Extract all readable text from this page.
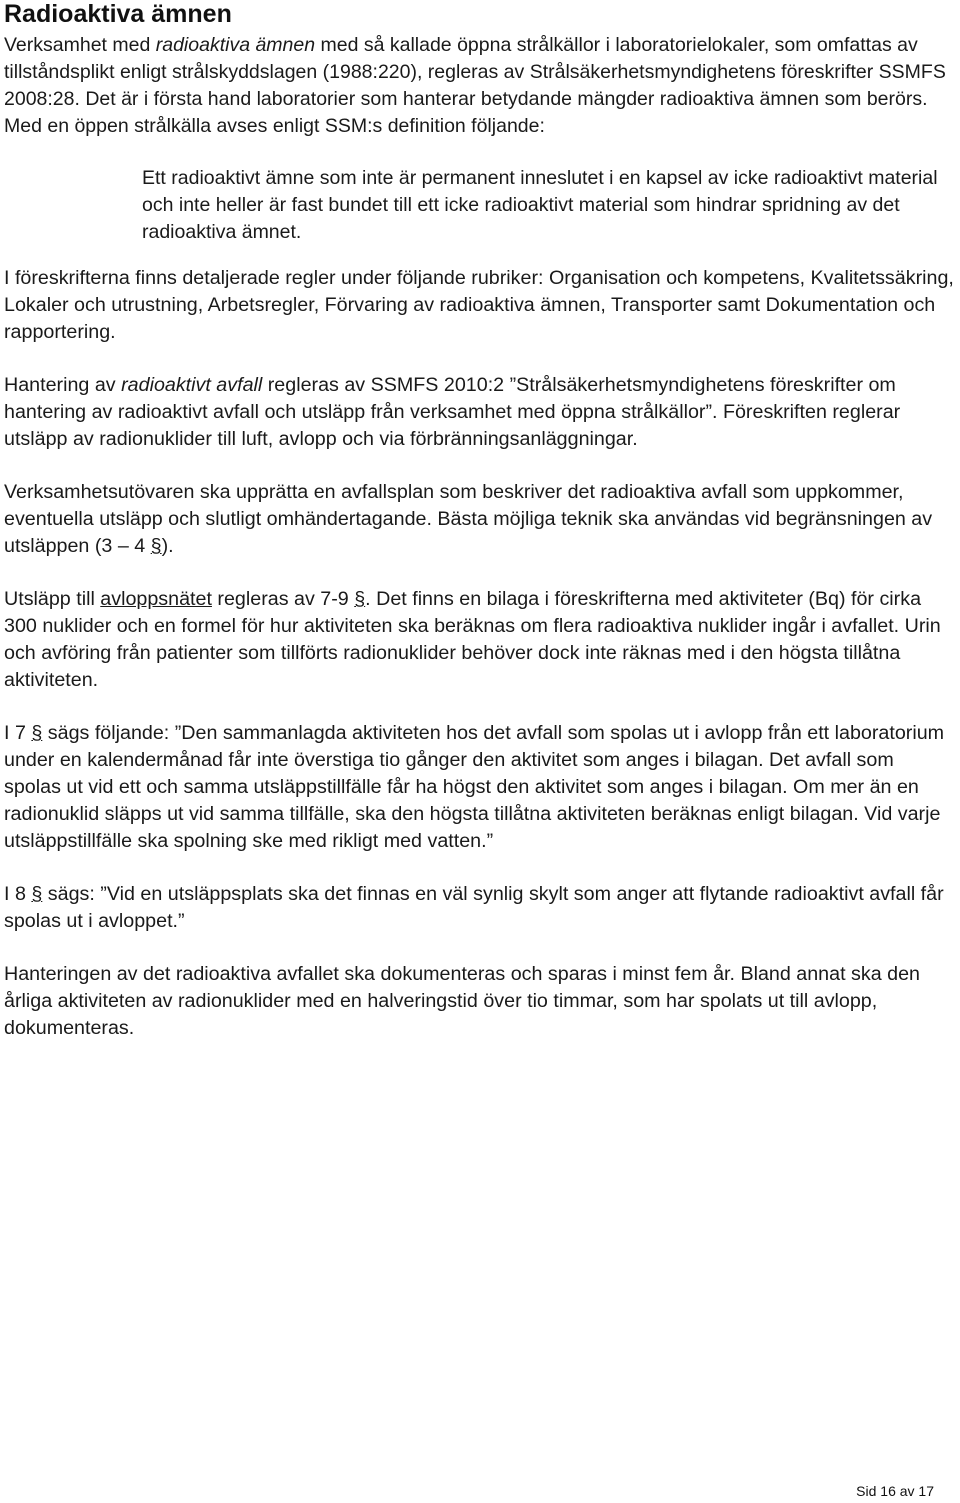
Radioaktiva ämnen
Verksamhet med radioaktiva ämnen med så kallade öppna strålkällor i laboratorielokaler, som omfattas av tillståndsplikt enligt strålskyddslagen (1988:220), regleras av Strålsäkerhetsmyndighetens föreskrifter SSMFS 2008:28. Det är i första hand laboratorier som hanterar betydande mängder radioaktiva ämnen som berörs. Med en öppen strålkälla avses enligt SSM:s definition följande:
Ett radioaktivt ämne som inte är permanent inneslutet i en kapsel av icke radioaktivt material och inte heller är fast bundet till ett icke radioaktivt material som hindrar spridning av det radioaktiva ämnet.

I föreskrifterna finns detaljerade regler under följande rubriker: Organisation och kompetens, Kvalitetssäkring, Lokaler och utrustning, Arbetsregler, Förvaring av radioaktiva ämnen, Transporter samt Dokumentation och rapportering.

Hantering av radioaktivt avfall regleras av SSMFS 2010:2 ”Strålsäkerhetsmyndighetens föreskrifter om hantering av radioaktivt avfall och utsläpp från verksamhet med öppna strålkällor”. Föreskriften reglerar utsläpp av radionuklider till luft, avlopp och via förbränningsanläggningar.

Verksamhetsutövaren ska upprätta en avfallsplan som beskriver det radioaktiva avfall som uppkommer, eventuella utsläpp och slutligt omhändertagande. Bästa möjliga teknik ska användas vid begränsningen av utsläppen (3 – 4 §).

Utsläpp till avloppsnätet regleras av 7-9 §. Det finns en bilaga i föreskrifterna med aktiviteter (Bq) för cirka 300 nuklider och en formel för hur aktiviteten ska beräknas om flera radioaktiva nuklider ingår i avfallet. Urin och avföring från patienter som tillförts radionuklider behöver dock inte räknas med i den högsta tillåtna aktiviteten.

I 7 § sägs följande: ”Den sammanlagda aktiviteten hos det avfall som spolas ut i avlopp från ett laboratorium under en kalendermånad får inte överstiga tio gånger den aktivitet som anges i bilagan. Det avfall som spolas ut vid ett och samma utsläppstillfälle får ha högst den aktivitet som anges i bilagan. Om mer än en radionuklid släpps ut vid samma tillfälle, ska den högsta tillåtna aktiviteten beräknas enligt bilagan. Vid varje utsläppstillfälle ska spolning ske med rikligt med vatten.”

I 8 § sägs: ”Vid en utsläppsplats ska det finnas en väl synlig skylt som anger att flytande radioaktivt avfall får spolas ut i avloppet.”

Hanteringen av det radioaktiva avfallet ska dokumenteras och sparas i minst fem år. Bland annat ska den årliga aktiviteten av radionuklider med en halveringstid över tio timmar, som har spolats ut till avlopp, dokumenteras.

Sid 16 av 17
